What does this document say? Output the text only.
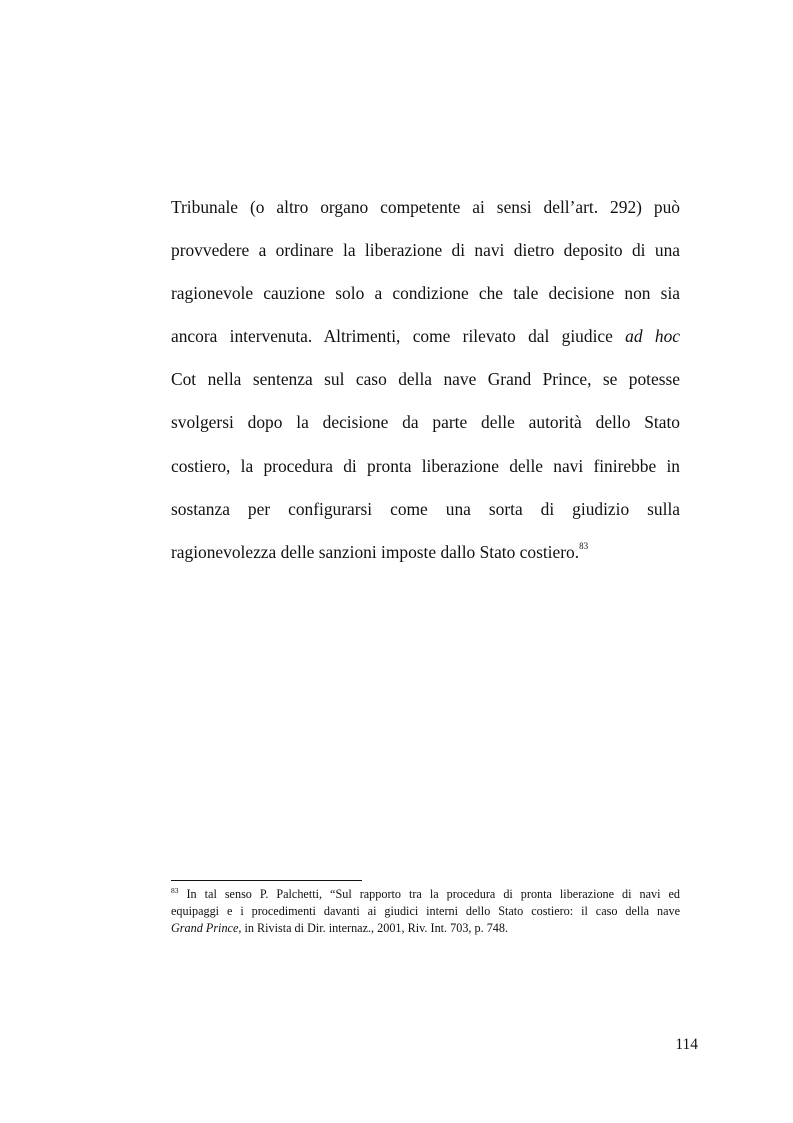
Tribunale (o altro organo competente ai sensi dell’art. 292) può
provvedere a ordinare la liberazione di navi dietro deposito di una
ragionevole cauzione solo a condizione che tale decisione non sia
ancora intervenuta. Altrimenti, come rilevato dal giudice ad hoc
Cot nella sentenza sul caso della nave Grand Prince, se potesse
svolgersi dopo la decisione da parte delle autorità dello Stato
costiero, la procedura di pronta liberazione delle navi finirebbe in
sostanza per configurarsi come una sorta di giudizio sulla
ragionevolezza delle sanzioni imposte dallo Stato costiero.$^{83}$
$^{83}$ In tal senso P. Palchetti, “Sul rapporto tra la procedura di pronta liberazione di navi ed
equipaggi e i procedimenti davanti ai giudici interni dello Stato costiero: il caso della nave
Grand Prince, in Rivista di Dir. internaz., 2001, Riv. Int. 703, p. 748.

114
